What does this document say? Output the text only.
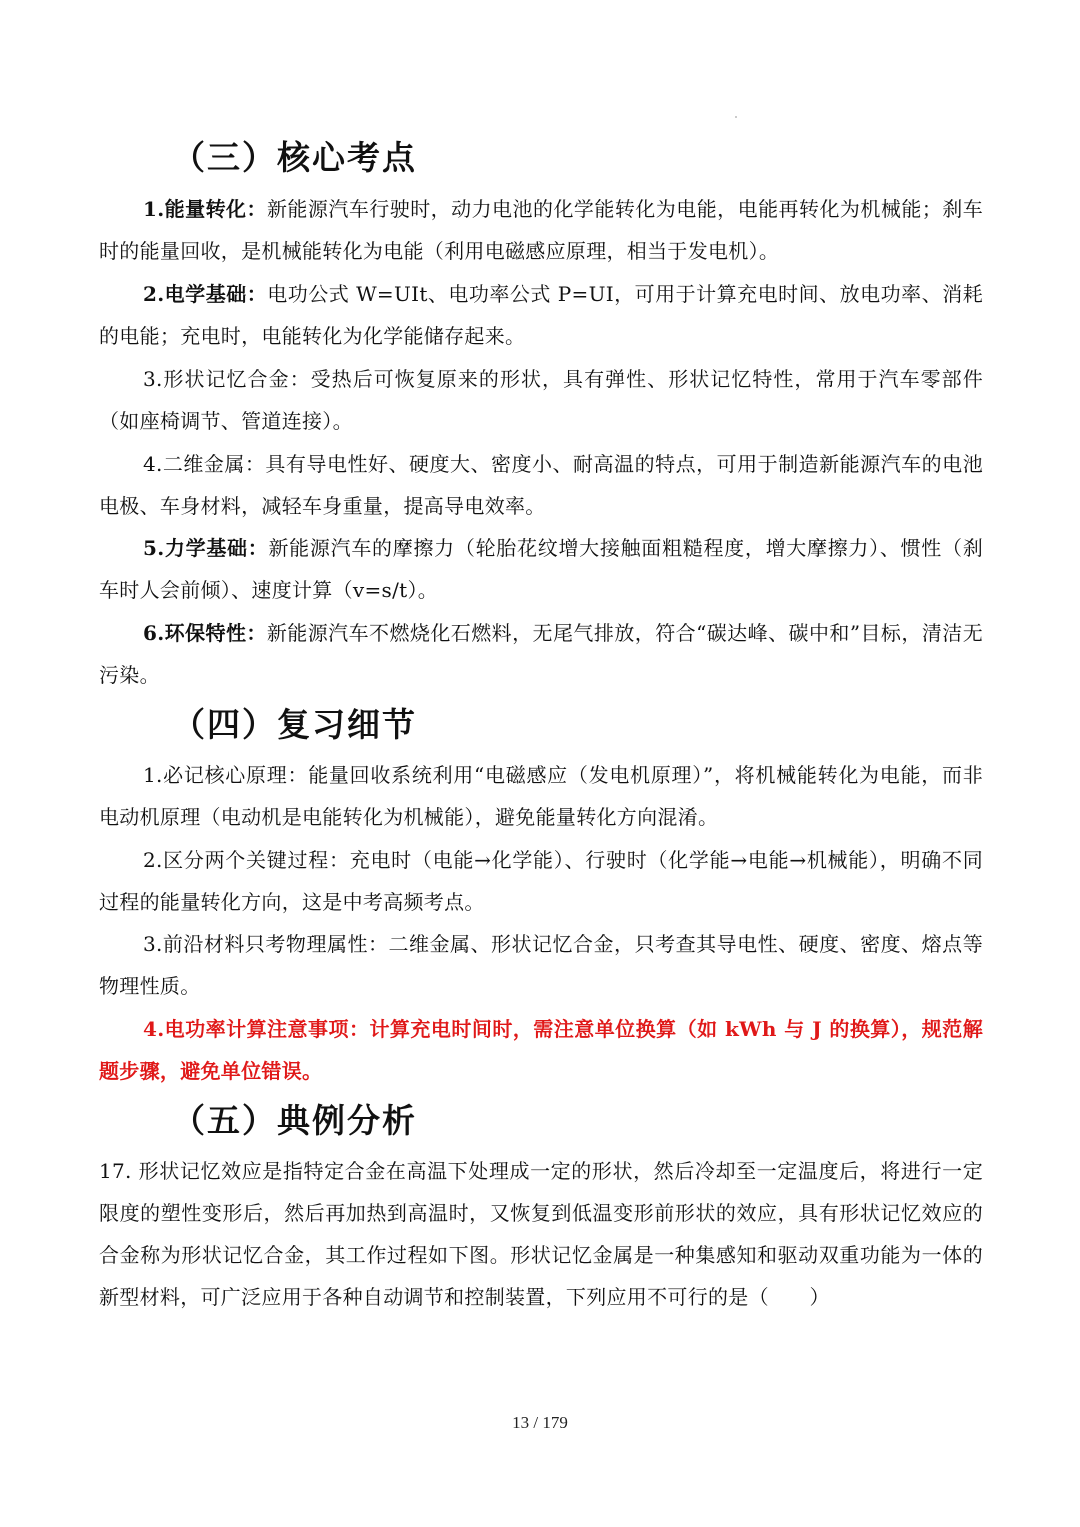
（三）核心考点

1.能量转化：新能源汽车行驶时，动力电池的化学能转化为电能，电能再转化为机械能；刹车时的能量回收，是机械能转化为电能（利用电磁感应原理，相当于发电机）。

2.电学基础：电功公式 W=UIt、电功率公式 P=UI，可用于计算充电时间、放电功率、消耗的电能；充电时，电能转化为化学能储存起来。

3.形状记忆合金：受热后可恢复原来的形状，具有弹性、形状记忆特性，常用于汽车零部件（如座椅调节、管道连接）。

4.二维金属：具有导电性好、硬度大、密度小、耐高温的特点，可用于制造新能源汽车的电池电极、车身材料，减轻车身重量，提高导电效率。

5.力学基础：新能源汽车的摩擦力（轮胎花纹增大接触面粗糙程度，增大摩擦力）、惯性（刹车时人会前倾）、速度计算（v=s/t）。

6.环保特性：新能源汽车不燃烧化石燃料，无尾气排放，符合“碳达峰、碳中和”目标，清洁无污染。

（四）复习细节

1.必记核心原理：能量回收系统利用“电磁感应（发电机原理）”，将机械能转化为电能，而非电动机原理（电动机是电能转化为机械能），避免能量转化方向混淆。

2.区分两个关键过程：充电时（电能→化学能）、行驶时（化学能→电能→机械能），明确不同过程的能量转化方向，这是中考高频考点。

3.前沿材料只考物理属性：二维金属、形状记忆合金，只考查其导电性、硬度、密度、熔点等物理性质。

4.电功率计算注意事项：计算充电时间时，需注意单位换算（如 kWh 与 J 的换算），规范解题步骤，避免单位错误。

（五）典例分析

17. 形状记忆效应是指特定合金在高温下处理成一定的形状，然后冷却至一定温度后，将进行一定限度的塑性变形后，然后再加热到高温时，又恢复到低温变形前形状的效应，具有形状记忆效应的合金称为形状记忆合金，其工作过程如下图。形状记忆金属是一种集感知和驱动双重功能为一体的新型材料，可广泛应用于各种自动调节和控制装置，下列应用不可行的是（　　）

13 / 179
